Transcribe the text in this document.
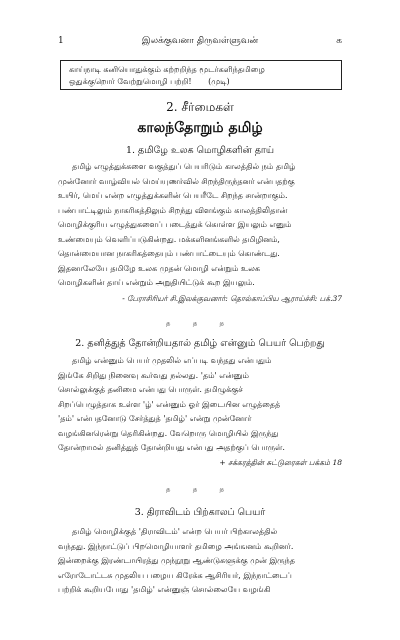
1	இலக்குவனா திருவள்ளுவன்	க
காய்நாடி கனியொதுக்கும் கற்றறிந்த மூடர்களிந்தமிழை
ஒதுக்குறொர் வேற்றுமொழி பற்றி! (முடி)
2. சீர்மைகள்
காலந்தோறும் தமிழ்
1. தமிழே உலக மொழிகளின் தாய்
தமிழ் எழுத்துக்களை வகுத்துப் பெயரிடும் காலத்தில் நம் தமிழ்
முன்னோர் வாழ்வியல் மெய்யுணர்வில் சிறந்திருந்தனர் என்பதற்கு
உயிர், மெய் என்ற எழுத்துக்களின் பெயரீடே சிறந்த சான்றாகும்.
பண்பாட்டிலும் நாகரிகத்திலும் சிறந்து விளங்கும் காலத்திலிதான்
மொழிக்குரிய எழுத்துகளைப் படைத்துக் கொள்ள இயலும் எனும்
உண்மையும் வெளிப்படுகின்றது. மக்களினங்களில் தமிழினம்,
தொன்மையான நாகரிகத்தையும் பண்பாட்டையும் கொண்டது.
இதனாலேயே தமிழே உலக முதன் மொழி என்றும் உலக
மொழிகளின் தாய் என்றும் அறுதியிட்டுக் கூற இயலும்.
- பேராசிரியர் சி.இலக்குவனார்: தொல்காப்பிய ஆராய்ச்சி: பக்.37
த த த
2. தனித்துத் தோன்றியதால் தமிழ் என்னும் பெயர் பெற்றது
தமிழ் என்னும் பெயர் முதலில் எப்படி வந்தது என்பதும்
இங்கே சிறிது நினைவு கூர்வது நல்லது. 'தம்' என்னும்
சொல்லுக்குத் தனிமை என்பது பொருள். தமிழுக்குச்
சிறப்பெழுத்தாக உள்ள 'ழ்' என்னும் ஓர் இடையின எழுத்தைத்
'தம்' என்பதனோடு சேர்த்துத் 'தமிழ்' என்று முன்னோர்
வழங்கினரென்று தெரிகின்றது. வேறொரு மொழியில் இருந்து
தோன்றாமல் தனித்துத் தோன்றியது என்பது அதற்குப் பொருள்.
+ சக்கரத்தின் சுட்டுரைகள் பக்கம் 18
த த த
3. திராவிடம் பிற்காலப் பெயர்
தமிழ் மொழிக்குத் 'திராவிடம்' என்ற பெயர் பிற்காலத்தில்
வந்தது. இந்நாட்டுப் பிறமொழியாளர் தமிழை அங்ஙனம் கூறினர்.
இன்றைக்கு இரண்டாயிரத்து முந்நூறு ஆண்டுகளுக்கு முன் இருந்த
எரோடோட்டசு முதலிய பழைய கிரேக்க ஆசிரியர், இந்நாட்டைப்
பற்றிக் கூறியபோது 'தமிழ்' என்னுஞ் சொல்லையே வழங்கி
